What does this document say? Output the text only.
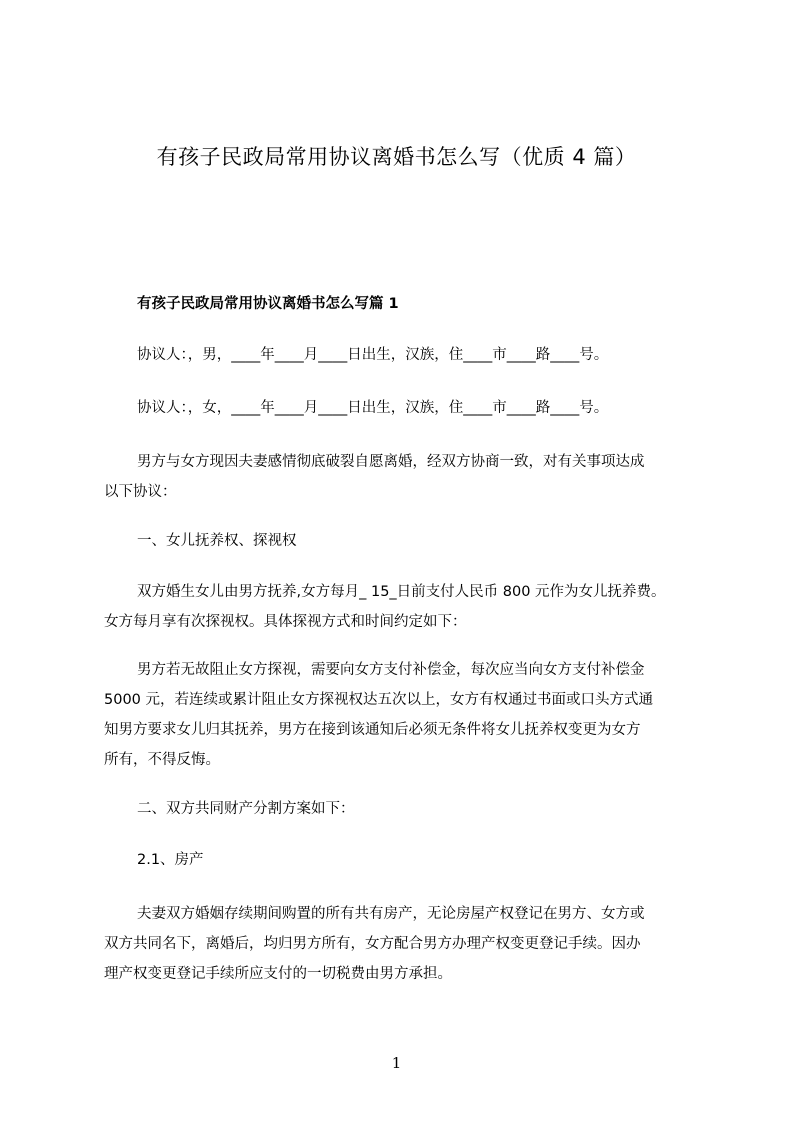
有孩子民政局常用协议离婚书怎么写（优质 4 篇）
有孩子民政局常用协议离婚书怎么写篇 1
协议人：，男，____年____月____日出生，汉族，住____市____路____号。
协议人：，女，____年____月____日出生，汉族，住____市____路____号。
男方与女方现因夫妻感情彻底破裂自愿离婚，经双方协商一致，对有关事项达成
以下协议：
一、女儿抚养权、探视权
双方婚生女儿由男方抚养,女方每月_ 15_日前支付人民币 800 元作为女儿抚养费。
女方每月享有次探视权。具体探视方式和时间约定如下：
男方若无故阻止女方探视，需要向女方支付补偿金，每次应当向女方支付补偿金
5000 元，若连续或累计阻止女方探视权达五次以上，女方有权通过书面或口头方式通
知男方要求女儿归其抚养，男方在接到该通知后必须无条件将女儿抚养权变更为女方
所有，不得反悔。
二、双方共同财产分割方案如下：
2.1、房产
夫妻双方婚姻存续期间购置的所有共有房产，无论房屋产权登记在男方、女方或
双方共同名下，离婚后，均归男方所有，女方配合男方办理产权变更登记手续。因办
理产权变更登记手续所应支付的一切税费由男方承担。
1
